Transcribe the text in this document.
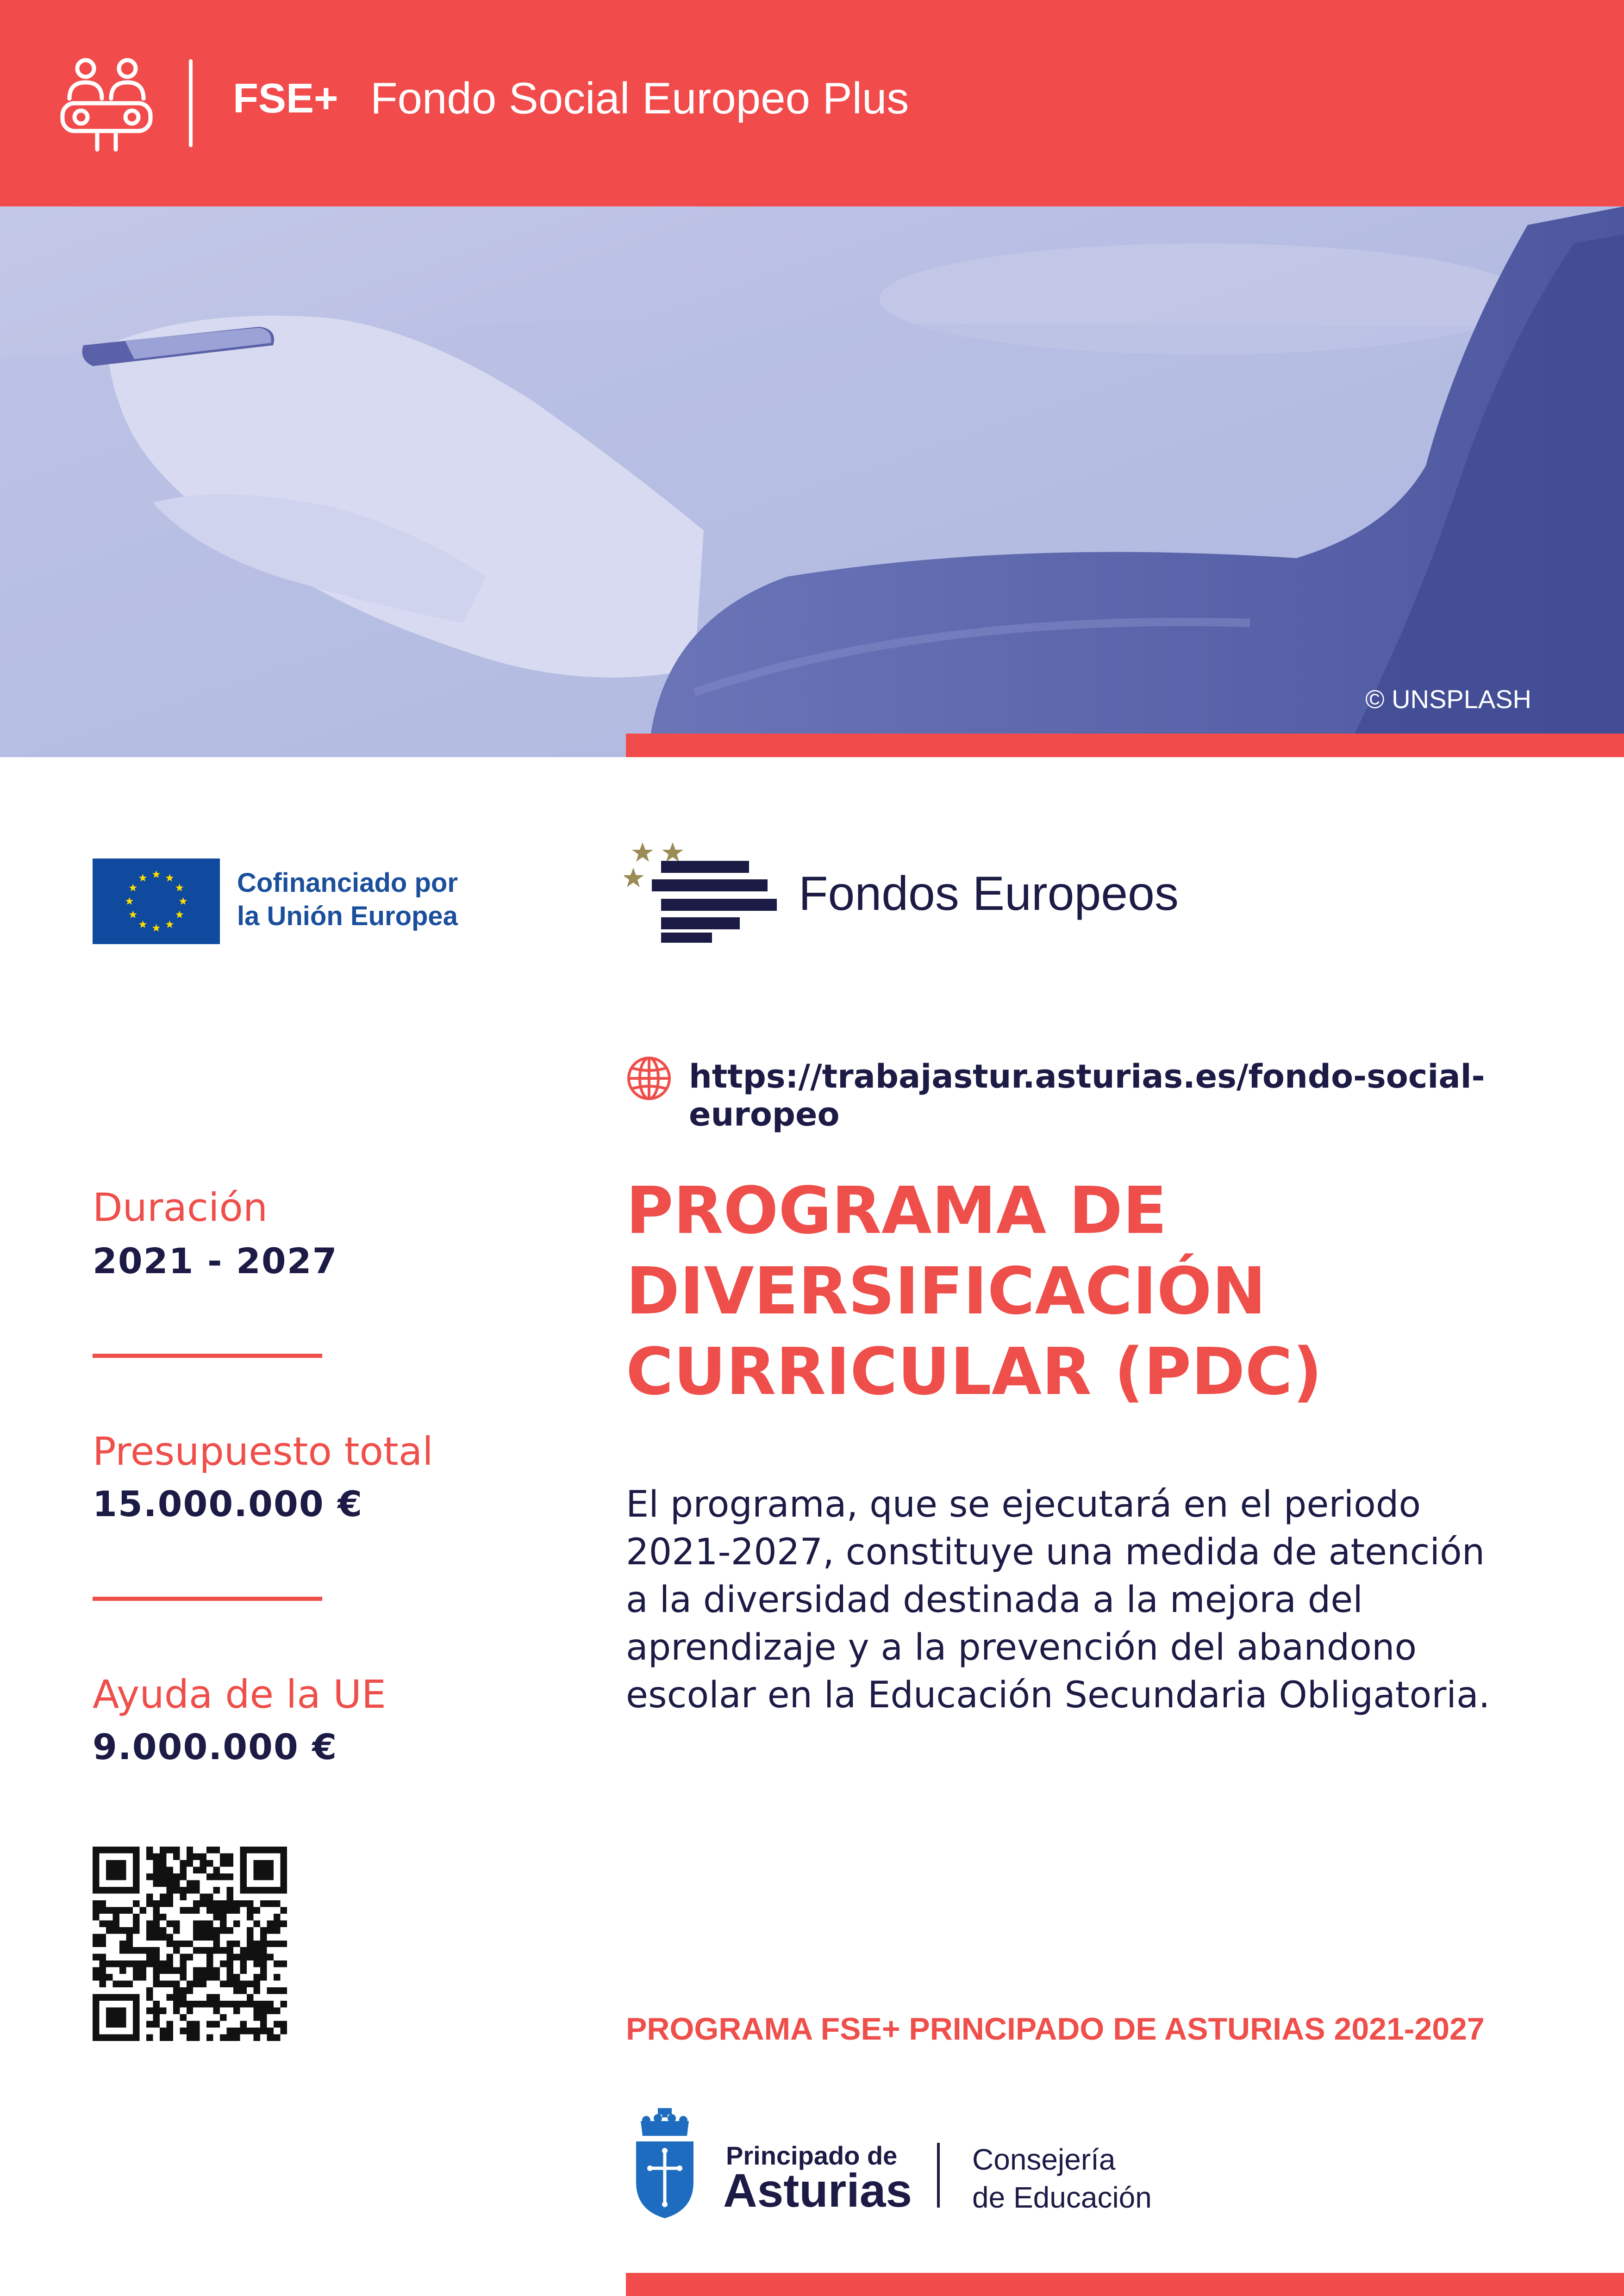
FSE+ Fondo Social Europeo Plus
© UNSPLASH
Cofinanciado por
la Unión Europea	Fondos Europeos
https://trabajastur.asturias.es/fondo-social-europeo
Duración
2021 - 2027
Presupuesto total
15.000.000 €
Ayuda de la UE
9.000.000 €
PROGRAMA DE
DIVERSIFICACIÓN
CURRICULAR (PDC)
El programa, que se ejecutará en el periodo
2021-2027, constituye una medida de atención
a la diversidad destinada a la mejora del
aprendizaje y a la prevención del abandono
escolar en la Educación Secundaria Obligatoria.
PROGRAMA FSE+ PRINCIPADO DE ASTURIAS 2021-2027
Principado de
Asturias
Consejería
de Educación
